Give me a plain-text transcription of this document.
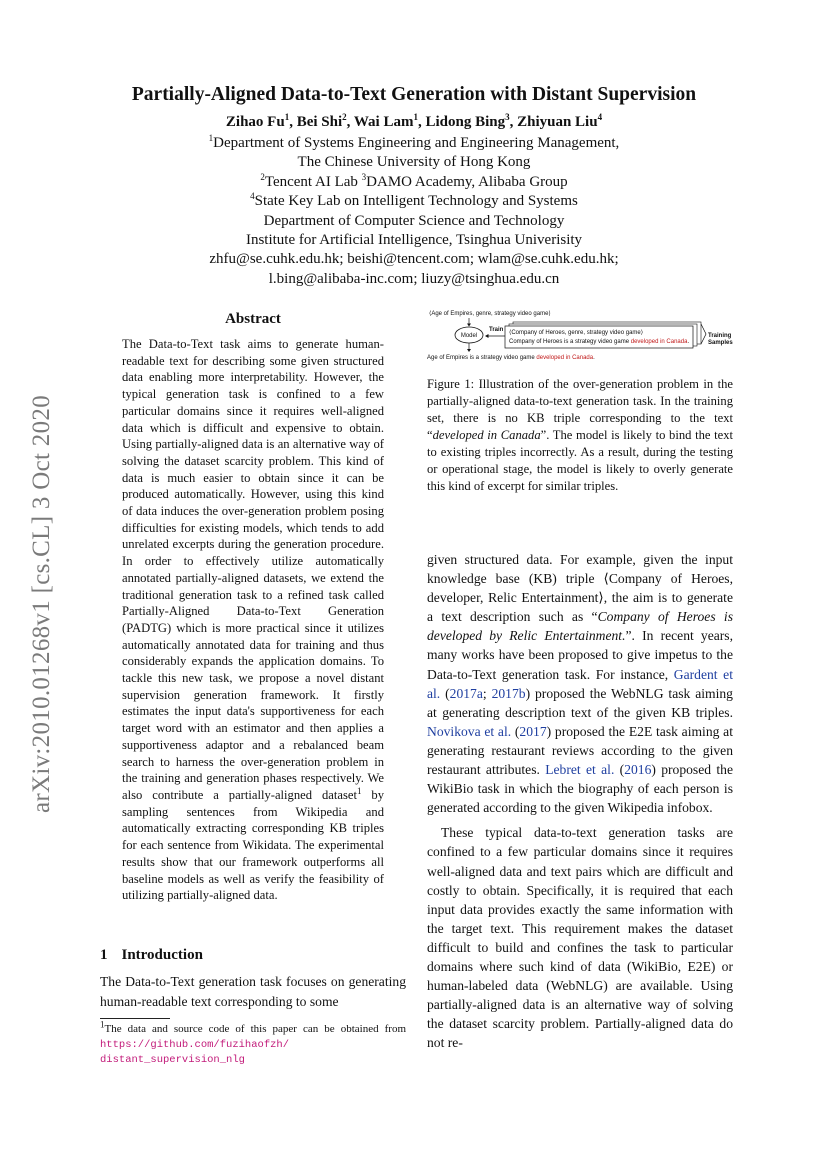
Partially-Aligned Data-to-Text Generation with Distant Supervision
Zihao Fu$^1$, Bei Shi$^2$, Wai Lam$^1$, Lidong Bing$^3$, Zhiyuan Liu$^4$
$^1$Department of Systems Engineering and Engineering Management,
The Chinese University of Hong Kong
$^2$Tencent AI Lab $^3$DAMO Academy, Alibaba Group
$^4$State Key Lab on Intelligent Technology and Systems
Department of Computer Science and Technology
Institute for Artificial Intelligence, Tsinghua Univerisity
zhfu@se.cuhk.edu.hk; beishi@tencent.com; wlam@se.cuhk.edu.hk;
l.bing@alibaba-inc.com; liuzy@tsinghua.edu.cn
arXiv:2010.01268v1 [cs.CL] 3 Oct 2020
Abstract
The Data-to-Text task aims to generate human-readable text for describing some given structured data enabling more interpretability. However, the typical generation task is confined to a few particular domains since it requires well-aligned data which is difficult and expensive to obtain. Using partially-aligned data is an alternative way of solving the dataset scarcity problem. This kind of data is much easier to obtain since it can be produced automatically. However, using this kind of data induces the over-generation problem posing difficulties for existing models, which tends to add unrelated excerpts during the generation procedure. In order to effectively utilize automatically annotated partially-aligned datasets, we extend the traditional generation task to a refined task called Partially-Aligned Data-to-Text Generation (PADTG) which is more practical since it utilizes automatically annotated data for training and thus considerably expands the application domains. To tackle this new task, we propose a novel distant supervision generation framework. It firstly estimates the input data's supportiveness for each target word with an estimator and then applies a supportiveness adaptor and a rebalanced beam search to harness the over-generation problem in the training and generation phases respectively. We also contribute a partially-aligned dataset$^1$ by sampling sentences from Wikipedia and automatically extracting corresponding KB triples for each sentence from Wikidata. The experimental results show that our framework outperforms all baseline models as well as verify the feasibility of utilizing partially-aligned data.
1 Introduction
The Data-to-Text generation task focuses on generating human-readable text corresponding to some
$^1$The data and source code of this paper can be obtained from https://github.com/fuzihaofzh/
distant_supervision_nlg
⟨Age of Empires, genre, strategy video game⟩
Model
Train ⟨Company of Heroes, genre, strategy video game⟩
Company of Heroes is a strategy video game developed in Canada.
Training
Samples
Age of Empires is a strategy video game developed in Canada.
Figure 1: Illustration of the over-generation problem in the partially-aligned data-to-text generation task. In the training set, there is no KB triple corresponding to the text “developed in Canada”. The model is likely to bind the text to existing triples incorrectly. As a result, during the testing or operational stage, the model is likely to overly generate this kind of excerpt for similar triples.

given structured data. For example, given the input knowledge base (KB) triple ⟨Company of Heroes, developer, Relic Entertainment⟩, the aim is to generate a text description such as “Company of Heroes is developed by Relic Entertainment.”. In recent years, many works have been proposed to give impetus to the Data-to-Text generation task. For instance, Gardent et al. (2017a; 2017b) proposed the WebNLG task aiming at generating description text of the given KB triples. Novikova et al. (2017) proposed the E2E task aiming at generating restaurant reviews according to the given restaurant attributes. Lebret et al. (2016) proposed the WikiBio task in which the biography of each person is generated according to the given Wikipedia infobox.

These typical data-to-text generation tasks are confined to a few particular domains since it requires well-aligned data and text pairs which are difficult and costly to obtain. Specifically, it is required that each input data provides exactly the same information with the target text. This requirement makes the dataset difficult to build and confines the task to particular domains where such kind of data (WikiBio, E2E) or human-labeled data (WebNLG) are available. Using partially-aligned data is an alternative way of solving the dataset scarcity problem. Partially-aligned data do not re-
